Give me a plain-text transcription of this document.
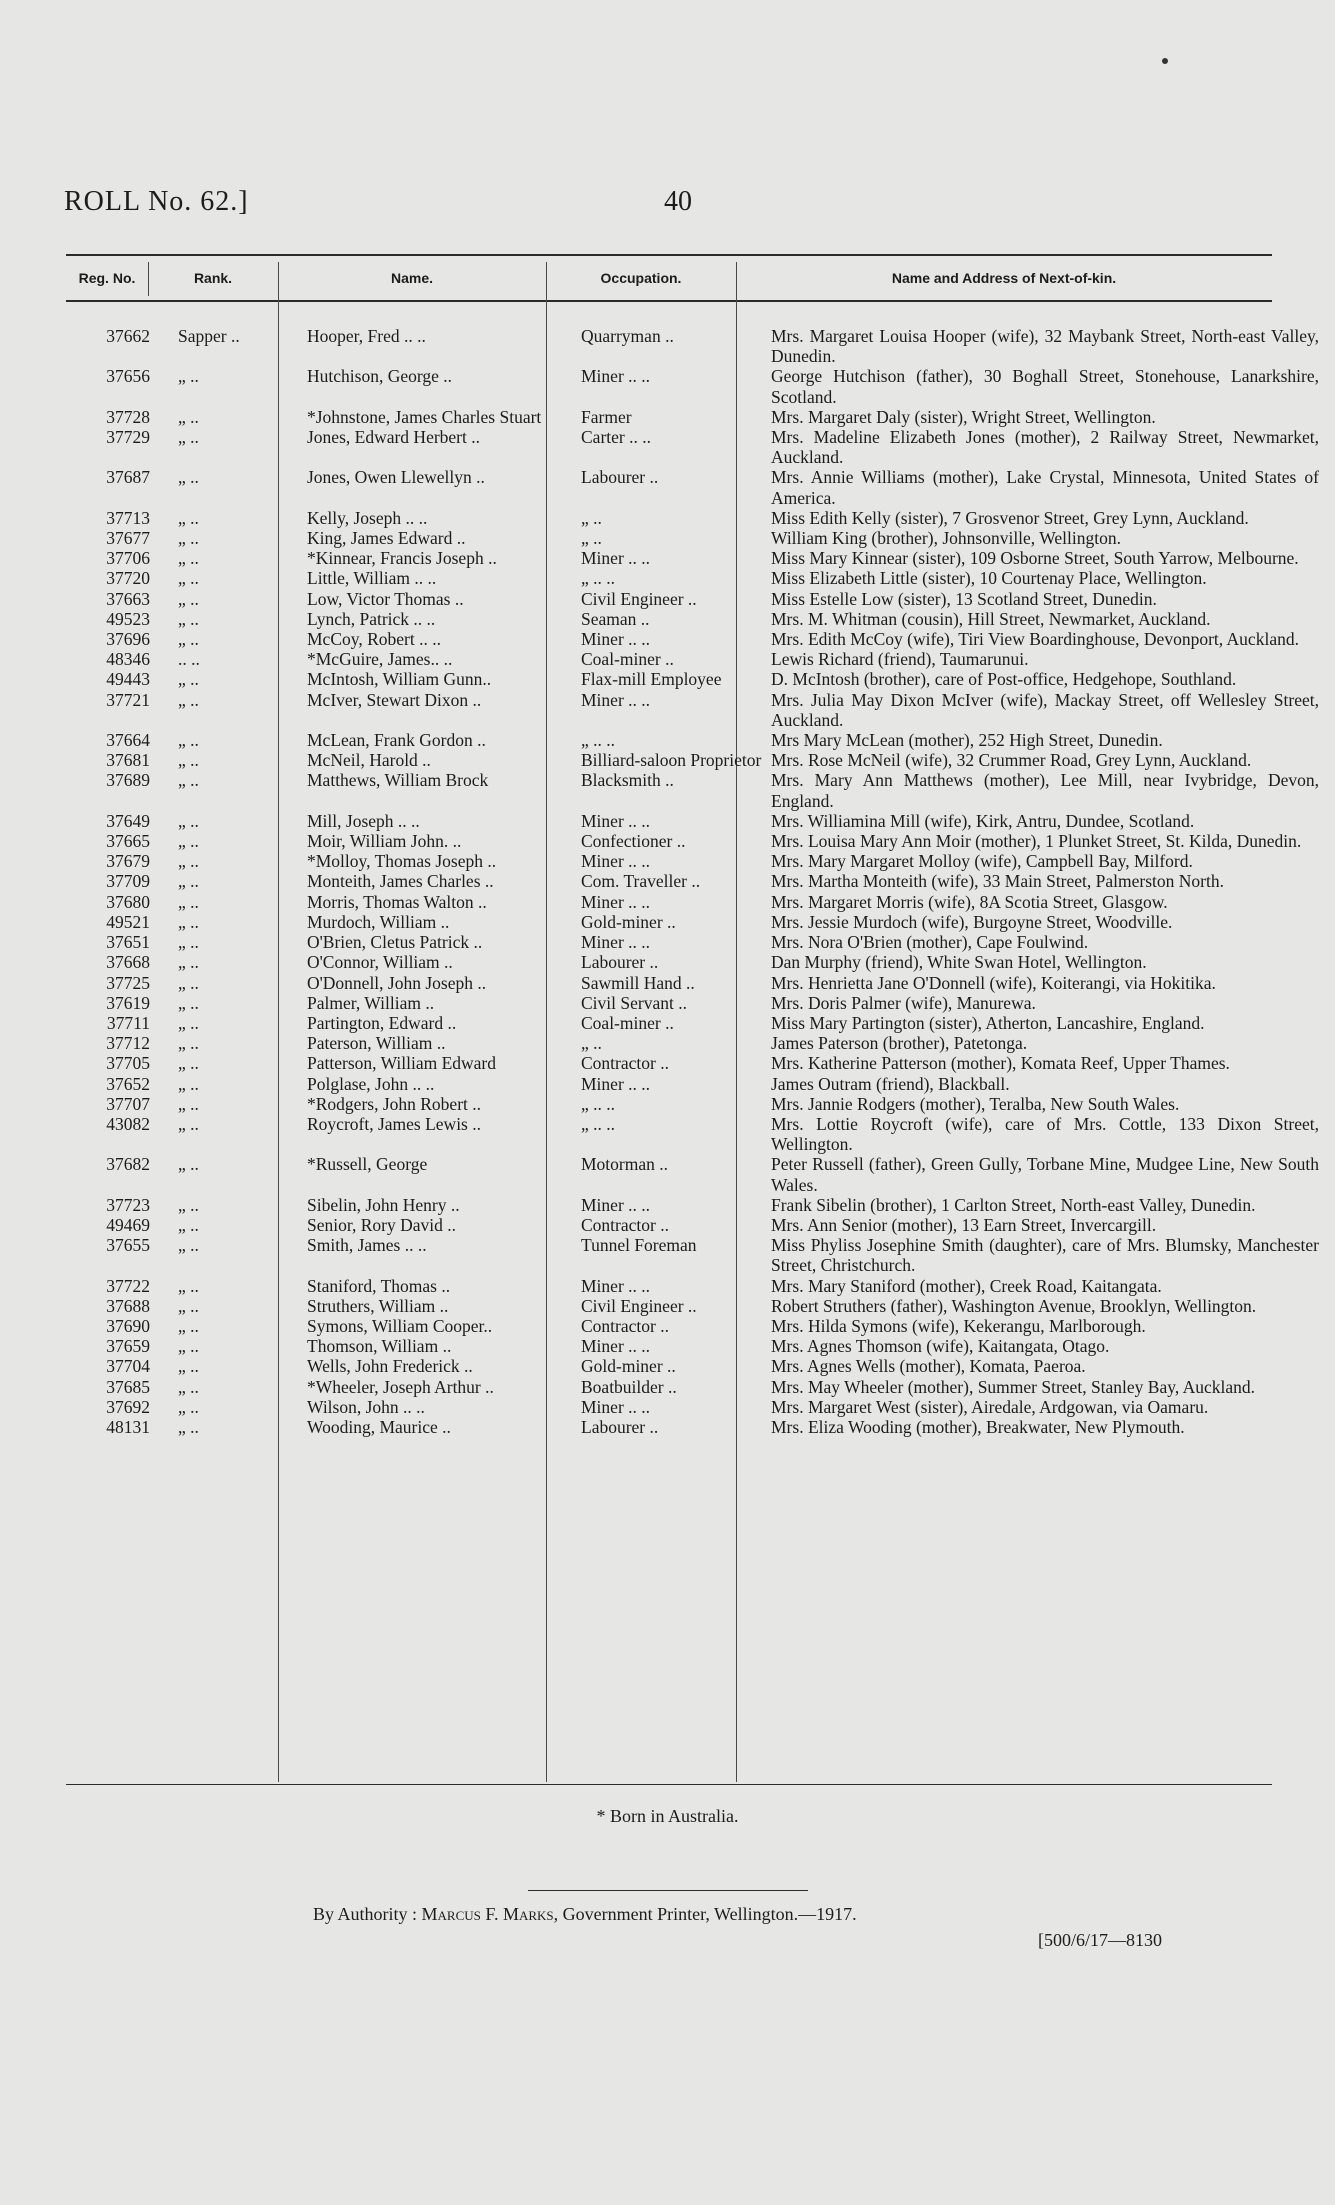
ROLL No. 62.]	40
Reg. No.	Rank.	Name.	Occupation.	Name and Address of Next-of-kin.
37662	Sapper ..	Hooper, Fred .. ..	Quarryman ..	Mrs. Margaret Louisa Hooper (wife), 32 Maybank Street, North-east Valley, Dunedin.
37656	„ ..	Hutchison, George ..	Miner .. ..	George Hutchison (father), 30 Boghall Street, Stonehouse, Lanarkshire, Scotland.
37728	„ ..	*Johnstone, James Charles Stuart	Farmer	Mrs. Margaret Daly (sister), Wright Street, Wellington.
37729	„ ..	Jones, Edward Herbert ..	Carter .. ..	Mrs. Madeline Elizabeth Jones (mother), 2 Railway Street, Newmarket, Auckland.
37687	„ ..	Jones, Owen Llewellyn ..	Labourer ..	Mrs. Annie Williams (mother), Lake Crystal, Minnesota, United States of America.
37713	„ ..	Kelly, Joseph .. ..	„ ..	Miss Edith Kelly (sister), 7 Grosvenor Street, Grey Lynn, Auckland.
37677	„ ..	King, James Edward ..	„ ..	William King (brother), Johnsonville, Wellington.
37706	„ ..	*Kinnear, Francis Joseph ..	Miner .. ..	Miss Mary Kinnear (sister), 109 Osborne Street, South Yarrow, Melbourne.
37720	„ ..	Little, William .. ..	„ .. ..	Miss Elizabeth Little (sister), 10 Courtenay Place, Wellington.
37663	„ ..	Low, Victor Thomas ..	Civil Engineer ..	Miss Estelle Low (sister), 13 Scotland Street, Dunedin.
49523	„ ..	Lynch, Patrick .. ..	Seaman ..	Mrs. M. Whitman (cousin), Hill Street, Newmarket, Auckland.
37696	„ ..	McCoy, Robert .. ..	Miner .. ..	Mrs. Edith McCoy (wife), Tiri View Boardinghouse, Devonport, Auckland.
48346	.. ..	*McGuire, James.. ..	Coal-miner ..	Lewis Richard (friend), Taumarunui.
49443	„ ..	McIntosh, William Gunn..	Flax-mill Employee	D. McIntosh (brother), care of Post-office, Hedgehope, Southland.
37721	„ ..	McIver, Stewart Dixon ..	Miner .. ..	Mrs. Julia May Dixon McIver (wife), Mackay Street, off Wellesley Street, Auckland.
37664	„ ..	McLean, Frank Gordon ..	„ .. ..	Mrs Mary McLean (mother), 252 High Street, Dunedin.
37681	„ ..	McNeil, Harold ..	Billiard-saloon Proprietor	Mrs. Rose McNeil (wife), 32 Crummer Road, Grey Lynn, Auckland.
37689	„ ..	Matthews, William Brock	Blacksmith ..	Mrs. Mary Ann Matthews (mother), Lee Mill, near Ivybridge, Devon, England.
37649	„ ..	Mill, Joseph .. ..	Miner .. ..	Mrs. Williamina Mill (wife), Kirk, Antru, Dundee, Scotland.
37665	„ ..	Moir, William John. ..	Confectioner ..	Mrs. Louisa Mary Ann Moir (mother), 1 Plunket Street, St. Kilda, Dunedin.
37679	„ ..	*Molloy, Thomas Joseph ..	Miner .. ..	Mrs. Mary Margaret Molloy (wife), Campbell Bay, Milford.
37709	„ ..	Monteith, James Charles ..	Com. Traveller ..	Mrs. Martha Monteith (wife), 33 Main Street, Palmerston North.
37680	„ ..	Morris, Thomas Walton ..	Miner .. ..	Mrs. Margaret Morris (wife), 8A Scotia Street, Glasgow.
49521	„ ..	Murdoch, William ..	Gold-miner ..	Mrs. Jessie Murdoch (wife), Burgoyne Street, Woodville.
37651	„ ..	O'Brien, Cletus Patrick ..	Miner .. ..	Mrs. Nora O'Brien (mother), Cape Foulwind.
37668	„ ..	O'Connor, William ..	Labourer ..	Dan Murphy (friend), White Swan Hotel, Wellington.
37725	„ ..	O'Donnell, John Joseph ..	Sawmill Hand ..	Mrs. Henrietta Jane O'Donnell (wife), Koiterangi, via Hokitika.
37619	„ ..	Palmer, William ..	Civil Servant ..	Mrs. Doris Palmer (wife), Manurewa.
37711	„ ..	Partington, Edward ..	Coal-miner ..	Miss Mary Partington (sister), Atherton, Lancashire, England.
37712	„ ..	Paterson, William ..	„ ..	James Paterson (brother), Patetonga.
37705	„ ..	Patterson, William Edward	Contractor ..	Mrs. Katherine Patterson (mother), Komata Reef, Upper Thames.
37652	„ ..	Polglase, John .. ..	Miner .. ..	James Outram (friend), Blackball.
37707	„ ..	*Rodgers, John Robert ..	„ .. ..	Mrs. Jannie Rodgers (mother), Teralba, New South Wales.
43082	„ ..	Roycroft, James Lewis ..	„ .. ..	Mrs. Lottie Roycroft (wife), care of Mrs. Cottle, 133 Dixon Street, Wellington.
37682	„ ..	*Russell, George	Motorman ..	Peter Russell (father), Green Gully, Torbane Mine, Mudgee Line, New South Wales.
37723	„ ..	Sibelin, John Henry ..	Miner .. ..	Frank Sibelin (brother), 1 Carlton Street, North-east Valley, Dunedin.
49469	„ ..	Senior, Rory David ..	Contractor ..	Mrs. Ann Senior (mother), 13 Earn Street, Invercargill.
37655	„ ..	Smith, James .. ..	Tunnel Foreman	Miss Phyliss Josephine Smith (daughter), care of Mrs. Blumsky, Manchester Street, Christchurch.
37722	„ ..	Staniford, Thomas ..	Miner .. ..	Mrs. Mary Staniford (mother), Creek Road, Kaitangata.
37688	„ ..	Struthers, William ..	Civil Engineer ..	Robert Struthers (father), Washington Avenue, Brooklyn, Wellington.
37690	„ ..	Symons, William Cooper..	Contractor ..	Mrs. Hilda Symons (wife), Kekerangu, Marlborough.
37659	„ ..	Thomson, William ..	Miner .. ..	Mrs. Agnes Thomson (wife), Kaitangata, Otago.
37704	„ ..	Wells, John Frederick ..	Gold-miner ..	Mrs. Agnes Wells (mother), Komata, Paeroa.
37685	„ ..	*Wheeler, Joseph Arthur ..	Boatbuilder ..	Mrs. May Wheeler (mother), Summer Street, Stanley Bay, Auckland.
37692	„ ..	Wilson, John .. ..	Miner .. ..	Mrs. Margaret West (sister), Airedale, Ardgowan, via Oamaru.
48131	„ ..	Wooding, Maurice ..	Labourer ..	Mrs. Eliza Wooding (mother), Breakwater, New Plymouth.
* Born in Australia.
By Authority : Marcus F. Marks, Government Printer, Wellington.—1917.
[500/6/17—8130
